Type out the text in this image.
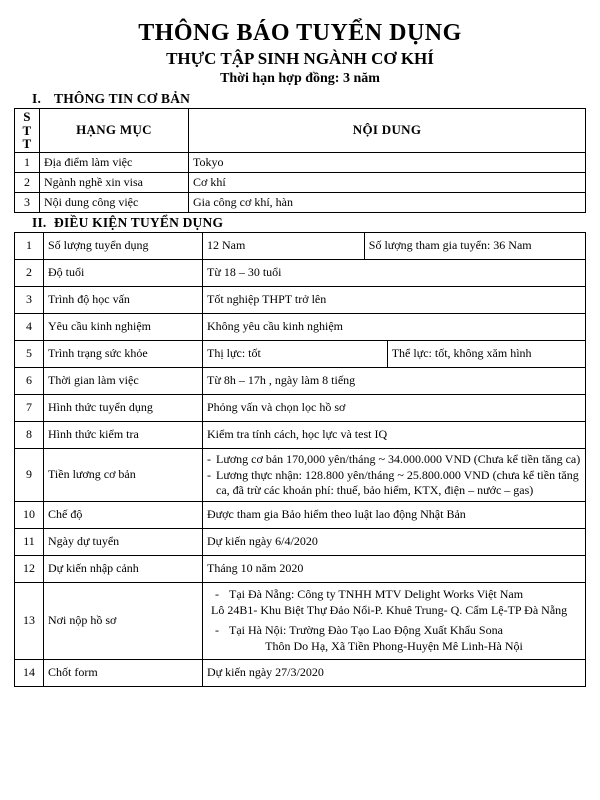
THÔNG BÁO TUYỂN DỤNG
THỰC TẬP SINH NGÀNH CƠ KHÍ
Thời hạn hợp đồng: 3 năm
I. THÔNG TIN CƠ BẢN
S
T
T	HẠNG MỤC	NỘI DUNG
1	Địa điểm làm việc	Tokyo
2	Ngành nghề xin visa	Cơ khí
3	Nội dung công việc	Gia công cơ khí, hàn
II. ĐIỀU KIỆN TUYỂN DỤNG
1	Số lượng tuyển dụng		12 Nam	Số lượng tham gia tuyển: 36 Nam

2	Độ tuổi	Từ 18 – 30 tuổi
3	Trình độ học vấn	Tốt nghiệp THPT trở lên
4	Yêu cầu kinh nghiệm	Không yêu cầu kinh nghiệm
5	Trình trạng sức khỏe		Thị lực: tốt	Thể lực: tốt, không xăm hình

6	Thời gian làm việc	Từ 8h – 17h , ngày làm 8 tiếng
7	Hình thức tuyển dụng	Phỏng vấn và chọn lọc hồ sơ
8	Hình thức kiểm tra	Kiểm tra tính cách, học lực và test IQ
9	Tiền lương cơ bản	
- Lương cơ bản 170,000 yên/tháng ~ 34.000.000 VND (Chưa kể tiền tăng ca)
- Lương thực nhận: 128.800 yên/tháng ~ 25.800.000 VND (chưa kể tiền tăng ca, đã trừ các khoản phí: thuế, bảo hiểm, KTX, điện – nước – gas)

10	Chế độ	Được tham gia Bảo hiểm theo luật lao động Nhật Bản
11	Ngày dự tuyển	Dự kiến ngày 6/4/2020
12	Dự kiến nhập cảnh	Tháng 10 năm 2020
13	Nơi nộp hồ sơ	
- Tại Đà Nẵng: Công ty TNHH MTV Delight Works Việt Nam
Lô 24B1- Khu Biệt Thự Đảo Nổi-P. Khuê Trung- Q. Cẩm Lệ-TP Đà Nẵng
- Tại Hà Nội: Trường Đào Tạo Lao Động Xuất Khẩu Sona
Thôn Do Hạ, Xã Tiền Phong-Huyện Mê Linh-Hà Nội

14	Chốt form	Dự kiến ngày 27/3/2020
